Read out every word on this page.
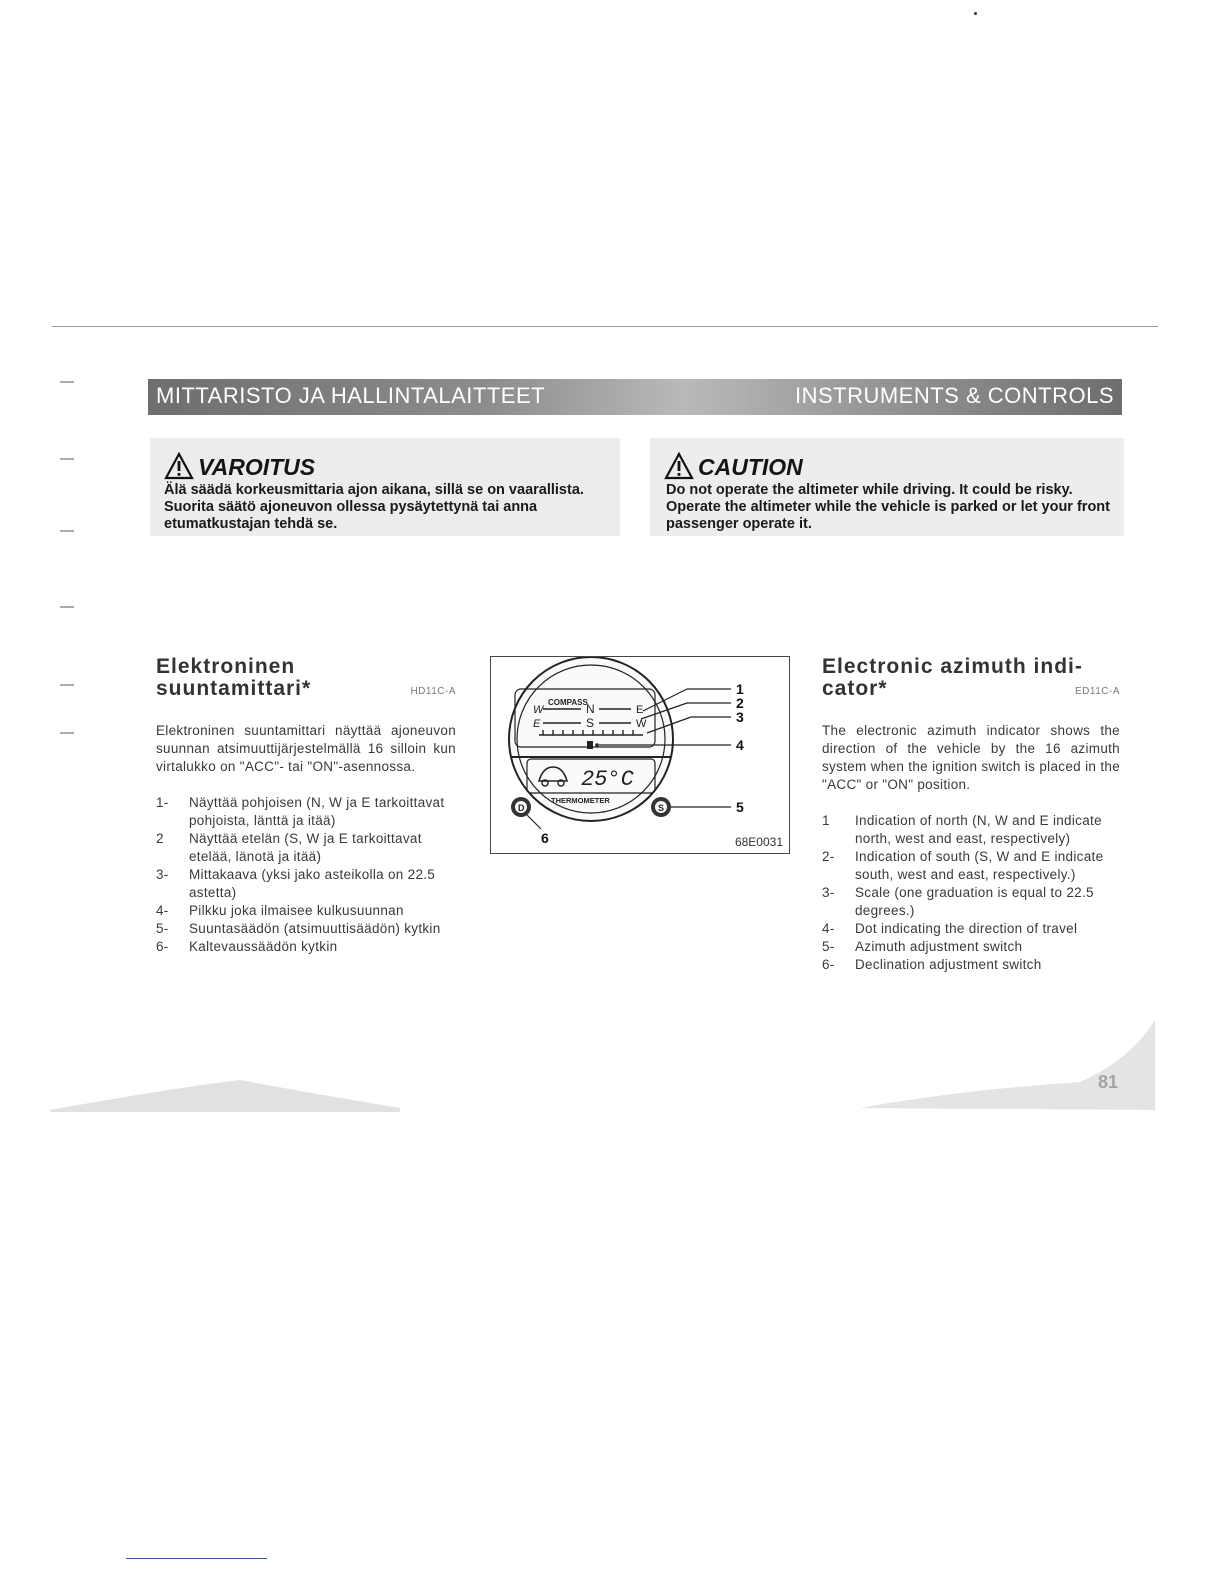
MITTARISTO JA HALLINTALAITTEET	INSTRUMENTS & CONTROLS
VAROITUS
Älä säädä korkeusmittaria ajon aikana, sillä se on vaarallista. Suorita säätö ajoneuvon ollessa pysäytettynä tai anna etumatkustajan tehdä se.
CAUTION
Do not operate the altimeter while driving. It could be risky. Operate the altimeter while the vehicle is parked or let your front passenger operate it.
Elektroninen
suuntamittari*	HD11C-A
Elektroninen suuntamittari näyttää ajoneuvon suunnan atsimuuttijärjestelmällä 16 silloin kun virtalukko on "ACC"- tai "ON"-asennossa.
1- Näyttää pohjoisen (N, W ja E tarkoittavat pohjoista, länttä ja itää)
2 Näyttää etelän (S, W ja E tarkoittavat etelää, länotä ja itää)
3- Mittakaava (yksi jako asteikolla on 22.5 astetta)
4- Pilkku joka ilmaisee kulkusuunnan
5- Suuntasäädön (atsimuuttisäädön) kytkin
6- Kaltevaussäädön kytkin
COMPASS
W	N	E
E	S	W
25°C
THERMOMETER
D	S
1
2
3
4
5
6	68E0031
Electronic azimuth indi-
cator*	ED11C-A
The electronic azimuth indicator shows the direction of the vehicle by the 16 azimuth system when the ignition switch is placed in the "ACC" or "ON" position.
1 Indication of north (N, W and E indicate north, west and east, respectively)
2- Indication of south (S, W and E indicate south, west and east, respectively.)
3- Scale (one graduation is equal to 22.5 degrees.)
4- Dot indicating the direction of travel
5- Azimuth adjustment switch
6- Declination adjustment switch
